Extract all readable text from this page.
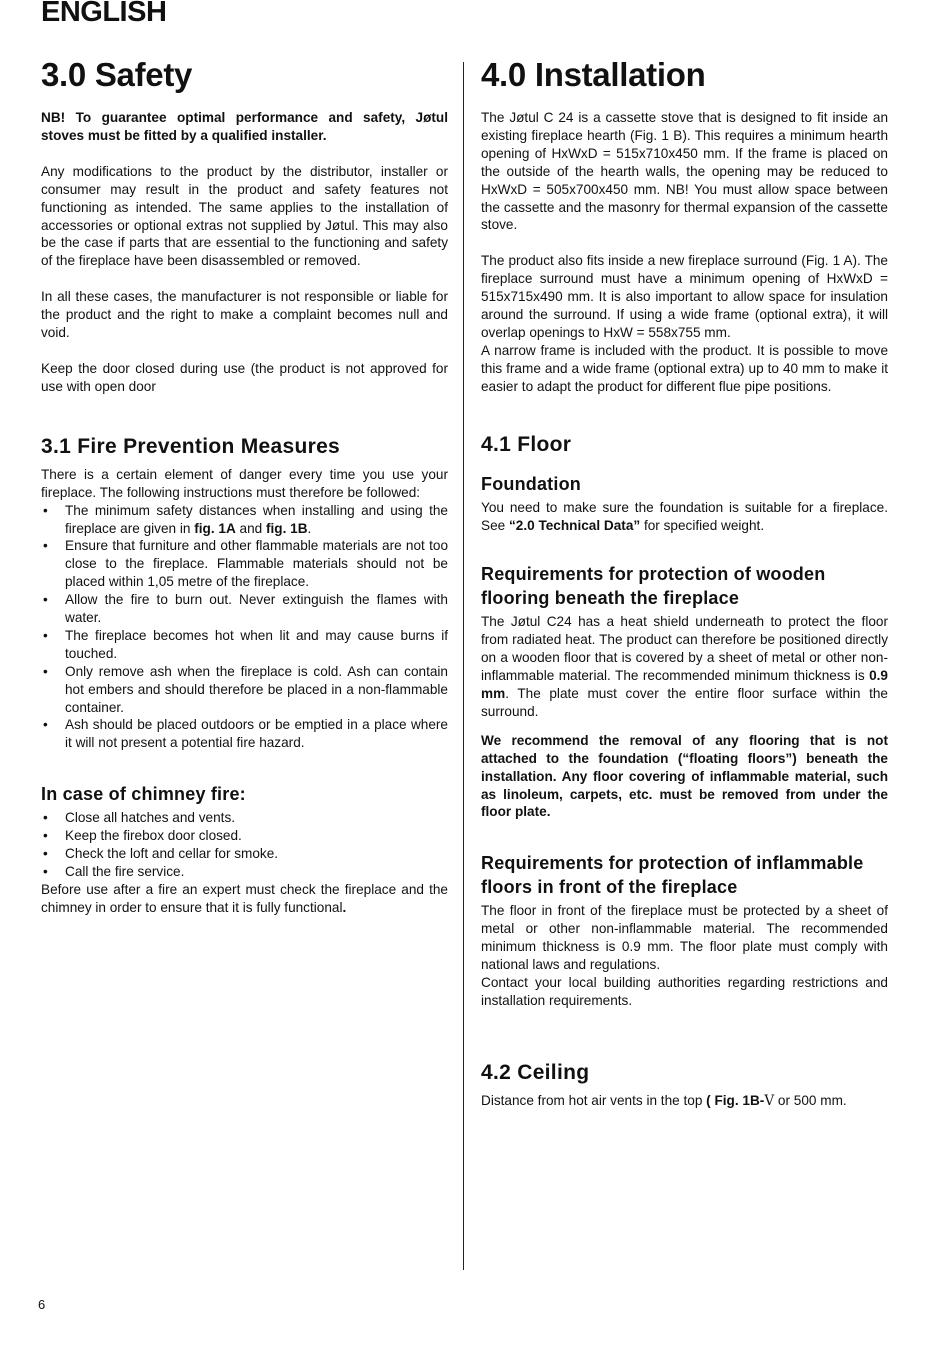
ENGLISH

3.0 Safety

NB! To guarantee optimal performance and safety, Jøtul stoves must be fitted by a qualified installer.

Any modifications to the product by the distributor, installer or consumer may result in the product and safety features not functioning as intended. The same applies to the installation of accessories or optional extras not supplied by Jøtul. This may also be the case if parts that are essential to the functioning and safety of the fireplace have been disassembled or removed.

In all these cases, the manufacturer is not responsible or liable for the product and the right to make a complaint becomes null and void.

Keep the door closed during use (the product is not approved for use with open door

3.1 Fire Prevention Measures

There is a certain element of danger every time you use your fireplace. The following instructions must therefore be followed:

• The minimum safety distances when installing and using the fireplace are given in fig. 1A and fig. 1B.
• Ensure that furniture and other flammable materials are not too close to the fireplace. Flammable materials should not be placed within 1,05 metre of the fireplace.
• Allow the fire to burn out. Never extinguish the flames with water.
• The fireplace becomes hot when lit and may cause burns if touched.
• Only remove ash when the fireplace is cold. Ash can contain hot embers and should therefore be placed in a non-flammable container.
• Ash should be placed outdoors or be emptied in a place where it will not present a potential fire hazard.
In case of chimney fire:
• Close all hatches and vents.
• Keep the firebox door closed.
• Check the loft and cellar for smoke.
• Call the fire service.

Before use after a fire an expert must check the fireplace and the chimney in order to ensure that it is fully functional.

4.0 Installation

The Jøtul C 24 is a cassette stove that is designed to fit inside an existing fireplace hearth (Fig. 1 B). This requires a minimum hearth opening of HxWxD = 515x710x450 mm. If the frame is placed on the outside of the hearth walls, the opening may be reduced to HxWxD = 505x700x450 mm. NB! You must allow space between the cassette and the masonry for thermal expansion of the cassette stove.

The product also fits inside a new fireplace surround (Fig. 1 A). The fireplace surround must have a minimum opening of HxWxD = 515x715x490 mm. It is also important to allow space for insulation around the surround. If using a wide frame (optional extra), it will overlap openings to HxW = 558x755 mm.

A narrow frame is included with the product. It is possible to move this frame and a wide frame (optional extra) up to 40 mm to make it easier to adapt the product for different flue pipe positions.

4.1 Floor
Foundation

You need to make sure the foundation is suitable for a fireplace. See “2.0 Technical Data” for specified weight.

Requirements for protection of wooden flooring beneath the fireplace

The Jøtul C24 has a heat shield underneath to protect the floor from radiated heat. The product can therefore be positioned directly on a wooden floor that is covered by a sheet of metal or other non-inflammable material. The recommended minimum thickness is 0.9 mm. The plate must cover the entire floor surface within the surround.

We recommend the removal of any flooring that is not attached to the foundation (“floating floors”) beneath the installation. Any floor covering of inflammable material, such as linoleum, carpets, etc. must be removed from under the floor plate.

Requirements for protection of inflammable floors in front of the fireplace

The floor in front of the fireplace must be protected by a sheet of metal or other non-inflammable material. The recommended minimum thickness is 0.9 mm. The floor plate must comply with national laws and regulations.

Contact your local building authorities regarding restrictions and installation requirements.

4.2 Ceiling

Distance from hot air vents in the top ( Fig. 1B-V or 500 mm.

6
